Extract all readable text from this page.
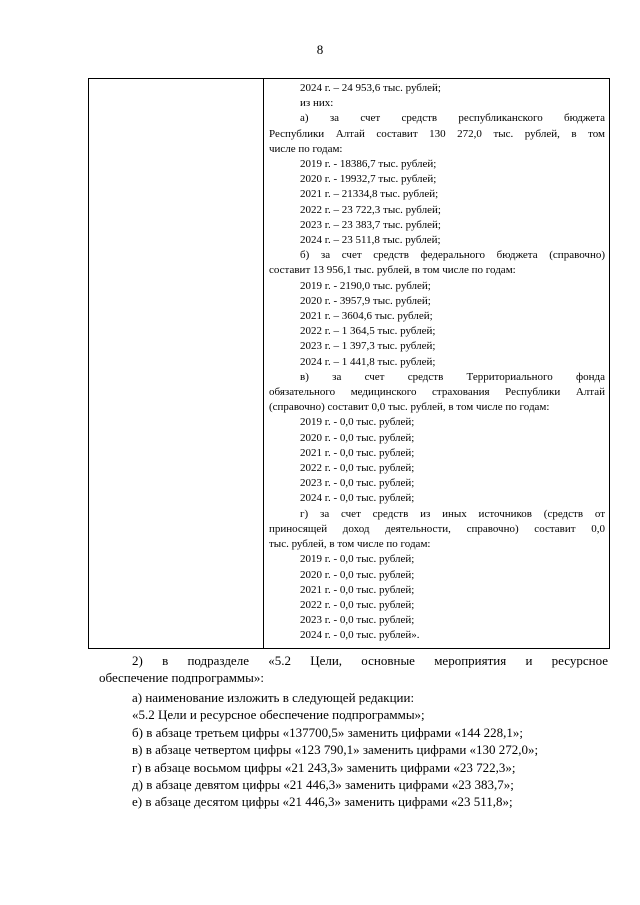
8

2024 г. – 24 953,6 тыс. рублей;
из них:
а) за счет средств республиканского бюджета
Республики Алтай составит 130 272,0 тыс. рублей, в том
числе по годам:
2019 г. - 18386,7 тыс. рублей;
2020 г. - 19932,7 тыс. рублей;
2021 г. – 21334,8 тыс. рублей;
2022 г. – 23 722,3 тыс. рублей;
2023 г. – 23 383,7 тыс. рублей;
2024 г. – 23 511,8 тыс. рублей;
б) за счет средств федерального бюджета (справочно)
составит 13 956,1 тыс. рублей, в том числе по годам:
2019 г. - 2190,0 тыс. рублей;
2020 г. - 3957,9 тыс. рублей;
2021 г. – 3604,6 тыс. рублей;
2022 г. – 1 364,5 тыс. рублей;
2023 г. – 1 397,3 тыс. рублей;
2024 г. – 1 441,8 тыс. рублей;
в) за счет средств Территориального фонда
обязательного медицинского страхования Республики Алтай
(справочно) составит 0,0 тыс. рублей, в том числе по годам:
2019 г. - 0,0 тыс. рублей;
2020 г. - 0,0 тыс. рублей;
2021 г. - 0,0 тыс. рублей;
2022 г. - 0,0 тыс. рублей;
2023 г. - 0,0 тыс. рублей;
2024 г. - 0,0 тыс. рублей;
г) за счет средств из иных источников (средств от
приносящей доход деятельности, справочно) составит 0,0
тыс. рублей, в том числе по годам:
2019 г. - 0,0 тыс. рублей;
2020 г. - 0,0 тыс. рублей;
2021 г. - 0,0 тыс. рублей;
2022 г. - 0,0 тыс. рублей;
2023 г. - 0,0 тыс. рублей;
2024 г. - 0,0 тыс. рублей».
2) в подразделе «5.2 Цели, основные мероприятия и ресурсное
обеспечение подпрограммы»:
а) наименование изложить в следующей редакции:
«5.2 Цели и ресурсное обеспечение подпрограммы»;
б) в абзаце третьем цифры «137700,5» заменить цифрами «144 228,1»;
в) в абзаце четвертом цифры «123 790,1» заменить цифрами «130 272,0»;
г) в абзаце восьмом цифры «21 243,3» заменить цифрами «23 722,3»;
д) в абзаце девятом цифры «21 446,3» заменить цифрами «23 383,7»;
е) в абзаце десятом цифры «21 446,3» заменить цифрами «23 511,8»;
